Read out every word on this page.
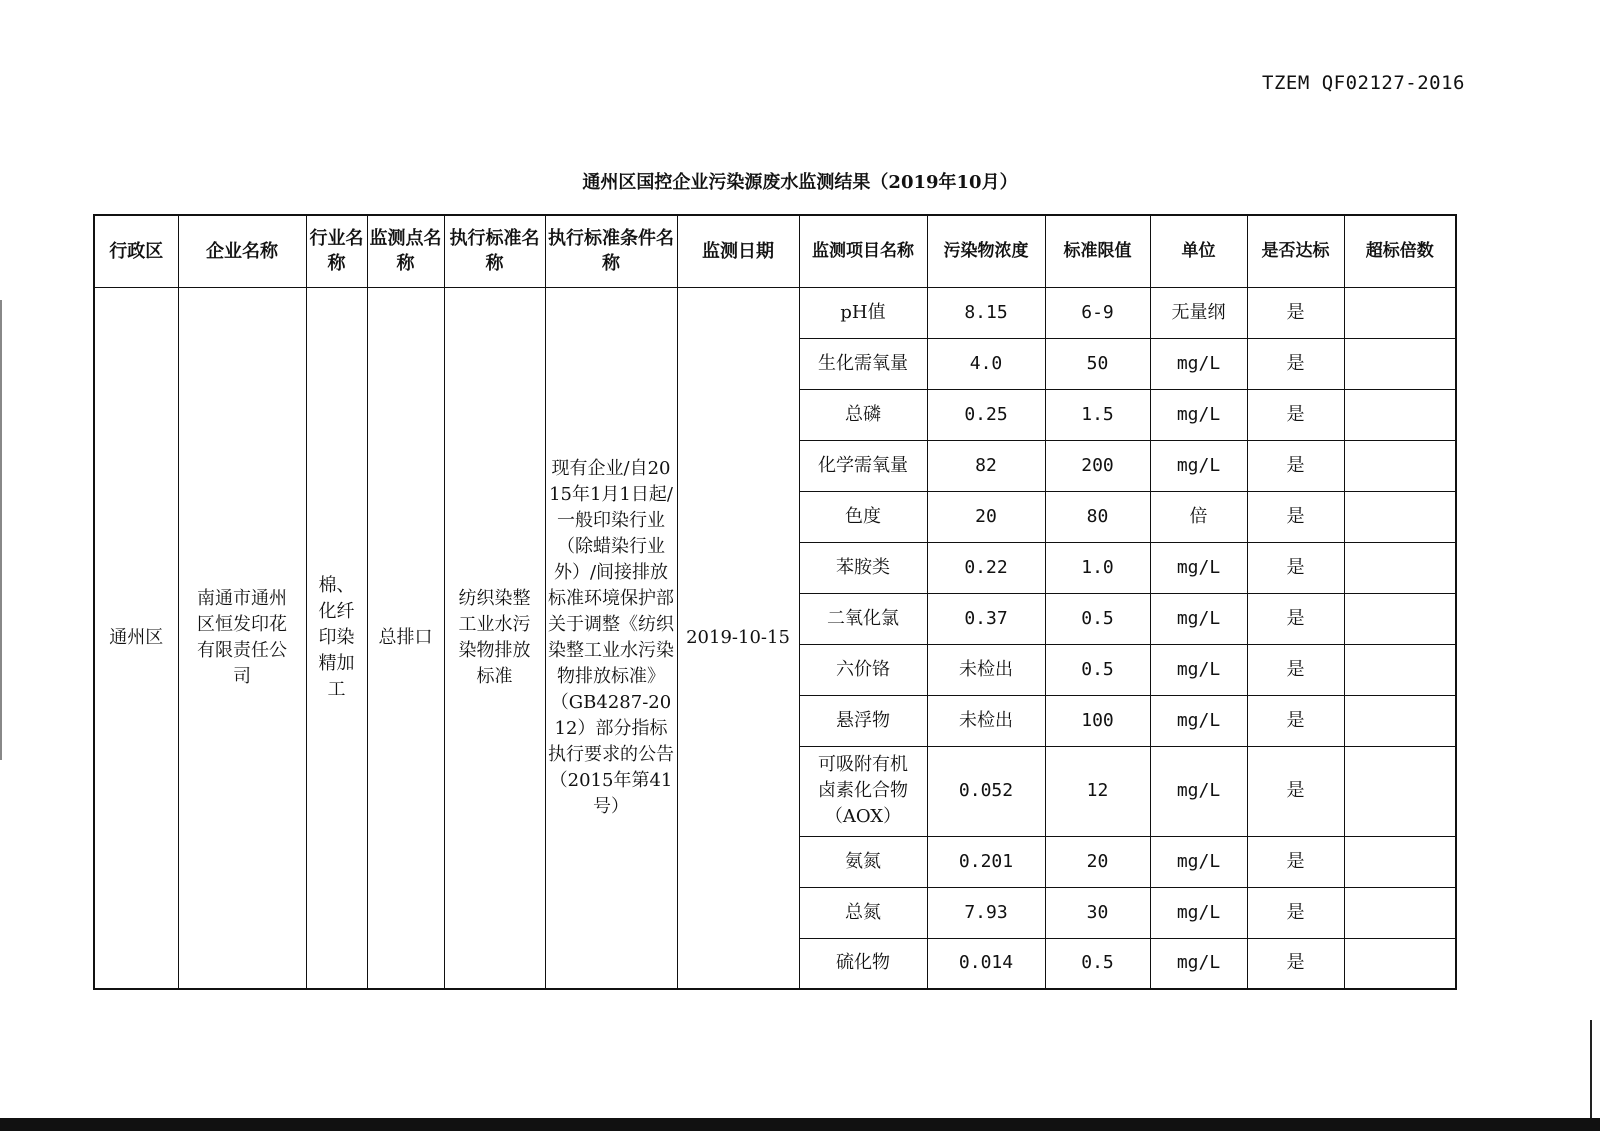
TZEM QF02127-2016
通州区国控企业污染源废水监测结果（2019年10月）
行政区	企业名称	行业名称	监测点名称	执行标准名称	执行标准条件名称	监测日期	监测项目名称	污染物浓度	标准限值	单位	是否达标	超标倍数
通州区	南通市通州区恒发印花有限责任公司	棉、化纤印染精加工	总排口	纺织染整工业水污染物排放标准	现有企业/自2015年1月1日起/一般印染行业（除蜡染行业外）/间接排放标准环境保护部关于调整《纺织染整工业水污染物排放标准》（GB4287-2012）部分指标执行要求的公告（2015年第41号）	2019-10-15	pH值	8.15	6-9	无量纲	是	
							生化需氧量	4.0	50	mg/L	是	
							总磷	0.25	1.5	mg/L	是	
							化学需氧量	82	200	mg/L	是	
							色度	20	80	倍	是	
							苯胺类	0.22	1.0	mg/L	是	
							二氧化氯	0.37	0.5	mg/L	是	
							六价铬	未检出	0.5	mg/L	是	
							悬浮物	未检出	100	mg/L	是	
							可吸附有机卤素化合物（AOX）	0.052	12	mg/L	是	
							氨氮	0.201	20	mg/L	是	
							总氮	7.93	30	mg/L	是	
							硫化物	0.014	0.5	mg/L	是	
